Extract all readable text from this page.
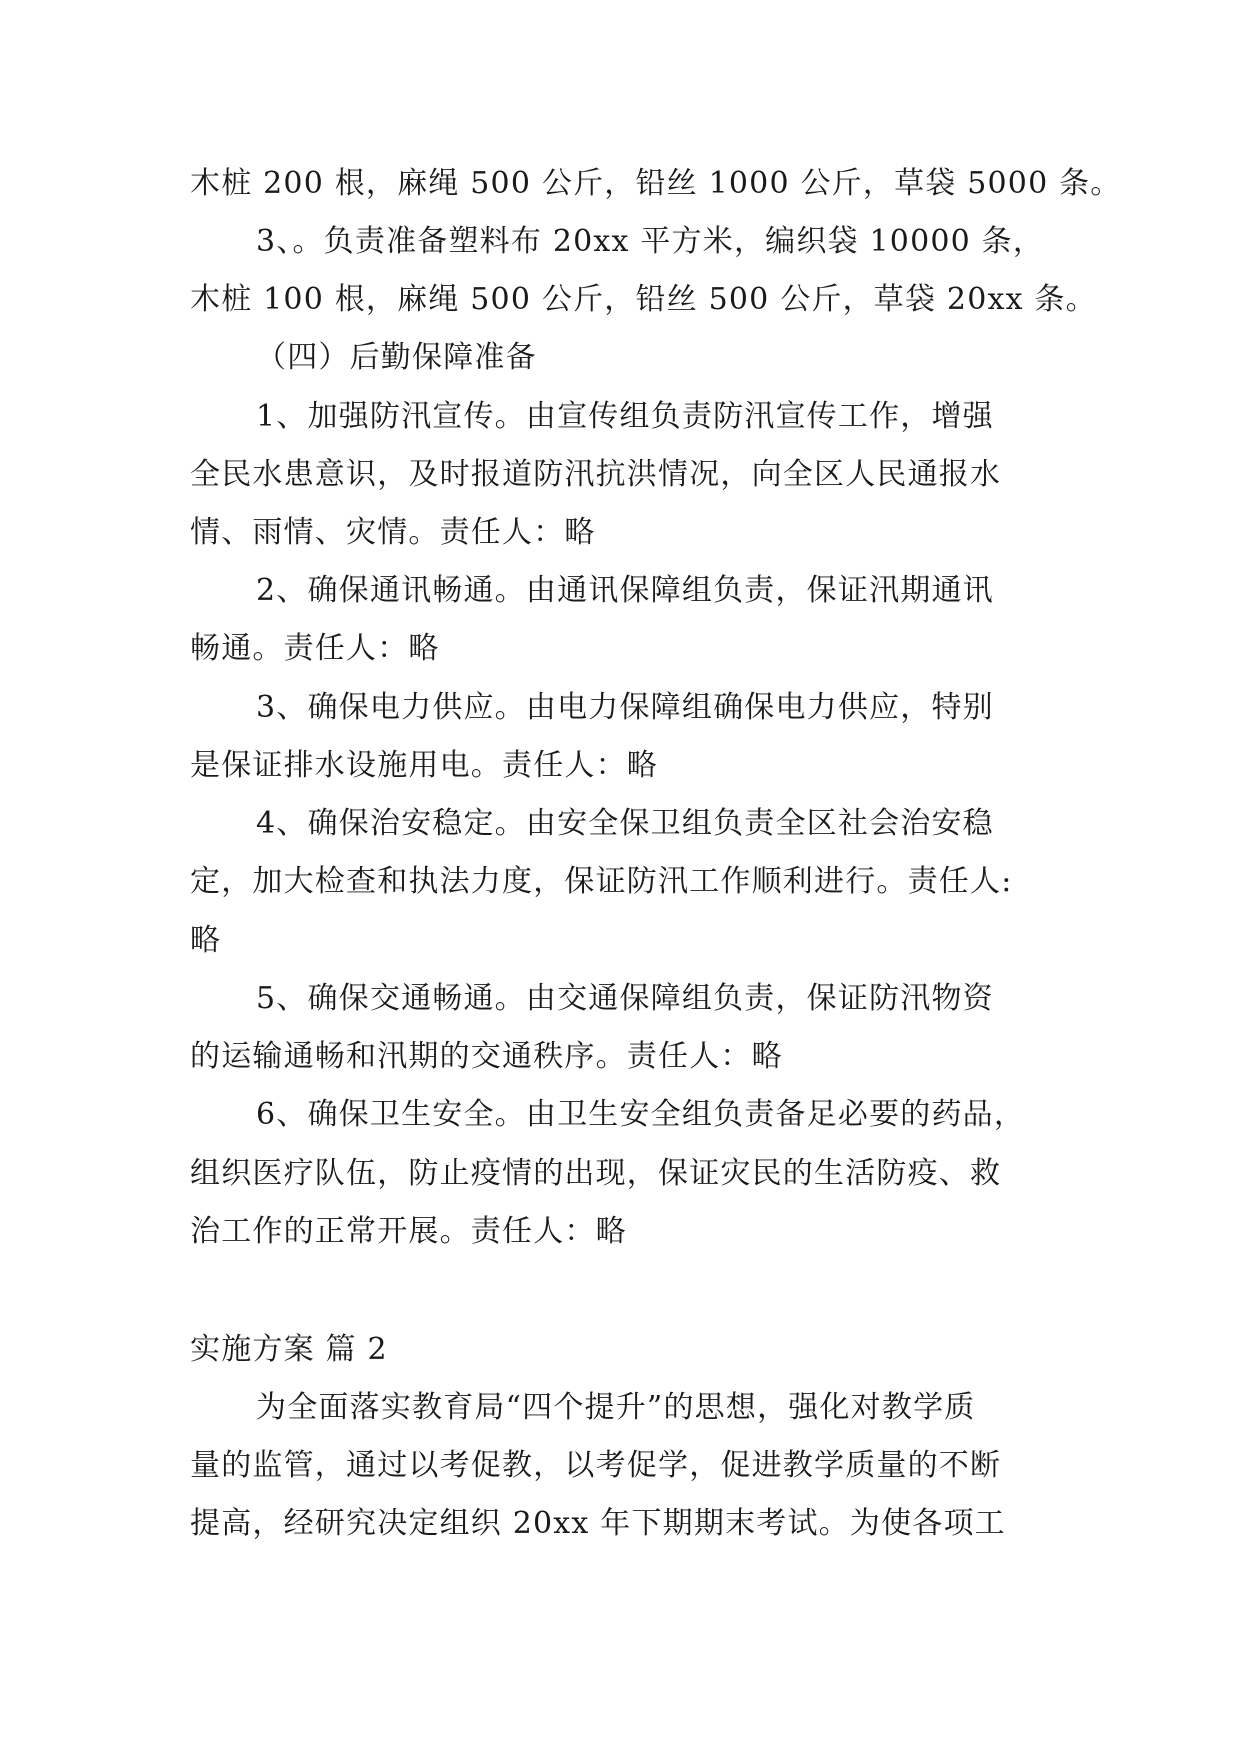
木桩 200 根，麻绳 500 公斤，铅丝 1000 公斤，草袋 5000 条。
3、。负责准备塑料布 20xx 平方米，编织袋 10000 条，
木桩 100 根，麻绳 500 公斤，铅丝 500 公斤，草袋 20xx 条。
（四）后勤保障准备
1、加强防汛宣传。由宣传组负责防汛宣传工作，增强
全民水患意识，及时报道防汛抗洪情况，向全区人民通报水
情、雨情、灾情。责任人：略
2、确保通讯畅通。由通讯保障组负责，保证汛期通讯
畅通。责任人：略
3、确保电力供应。由电力保障组确保电力供应，特别
是保证排水设施用电。责任人：略
4、确保治安稳定。由安全保卫组负责全区社会治安稳
定，加大检查和执法力度，保证防汛工作顺利进行。责任人:
略
5、确保交通畅通。由交通保障组负责，保证防汛物资
的运输通畅和汛期的交通秩序。责任人：略
6、确保卫生安全。由卫生安全组负责备足必要的药品，
组织医疗队伍，防止疫情的出现，保证灾民的生活防疫、救
治工作的正常开展。责任人：略
实施方案 篇 2
为全面落实教育局“四个提升”的思想，强化对教学质
量的监管，通过以考促教，以考促学，促进教学质量的不断
提高，经研究决定组织 20xx 年下期期末考试。为使各项工
